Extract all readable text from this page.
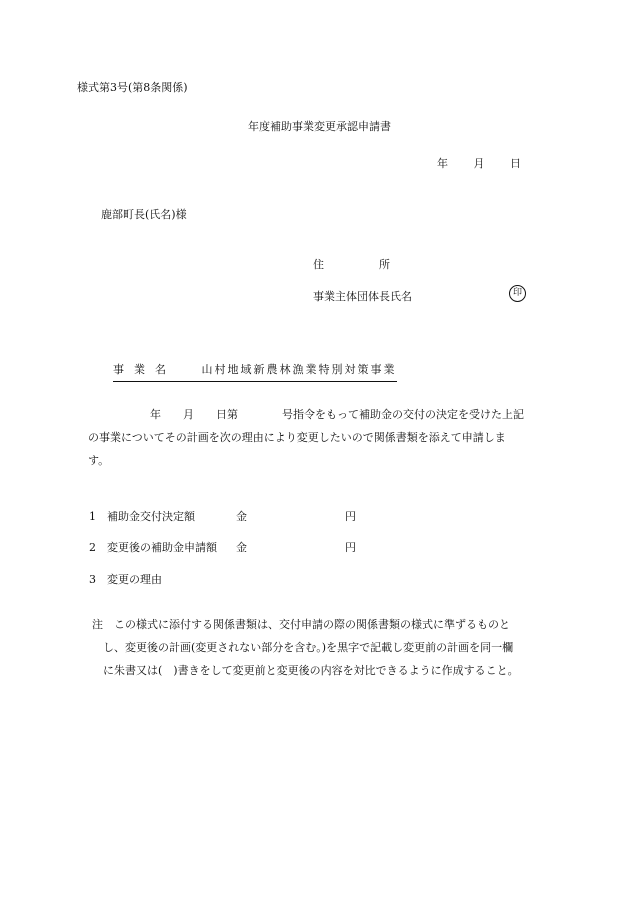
様式第3号(第8条関係)
年度補助事業変更承認申請書
年 月 日
鹿部町長(氏名)様
住　　　　　所
事業主体団体長氏名	印
事業名 山村地域新農林漁業特別対策事業
年　　月　　日第　　　　号指令をもって補助金の交付の決定を受けた上記
の事業についてその計画を次の理由により変更したいので関係書類を添えて申請しま
す。
1 補助金交付決定額	金	円
2 変更後の補助金申請額 金	円
3 変更の理由
注　この様式に添付する関係書類は、交付申請の際の関係書類の様式に準ずるものと
　し、変更後の計画(変更されない部分を含む。)を黒字で記載し変更前の計画を同一欄
　に朱書又は(　)書きをして変更前と変更後の内容を対比できるように作成すること。
